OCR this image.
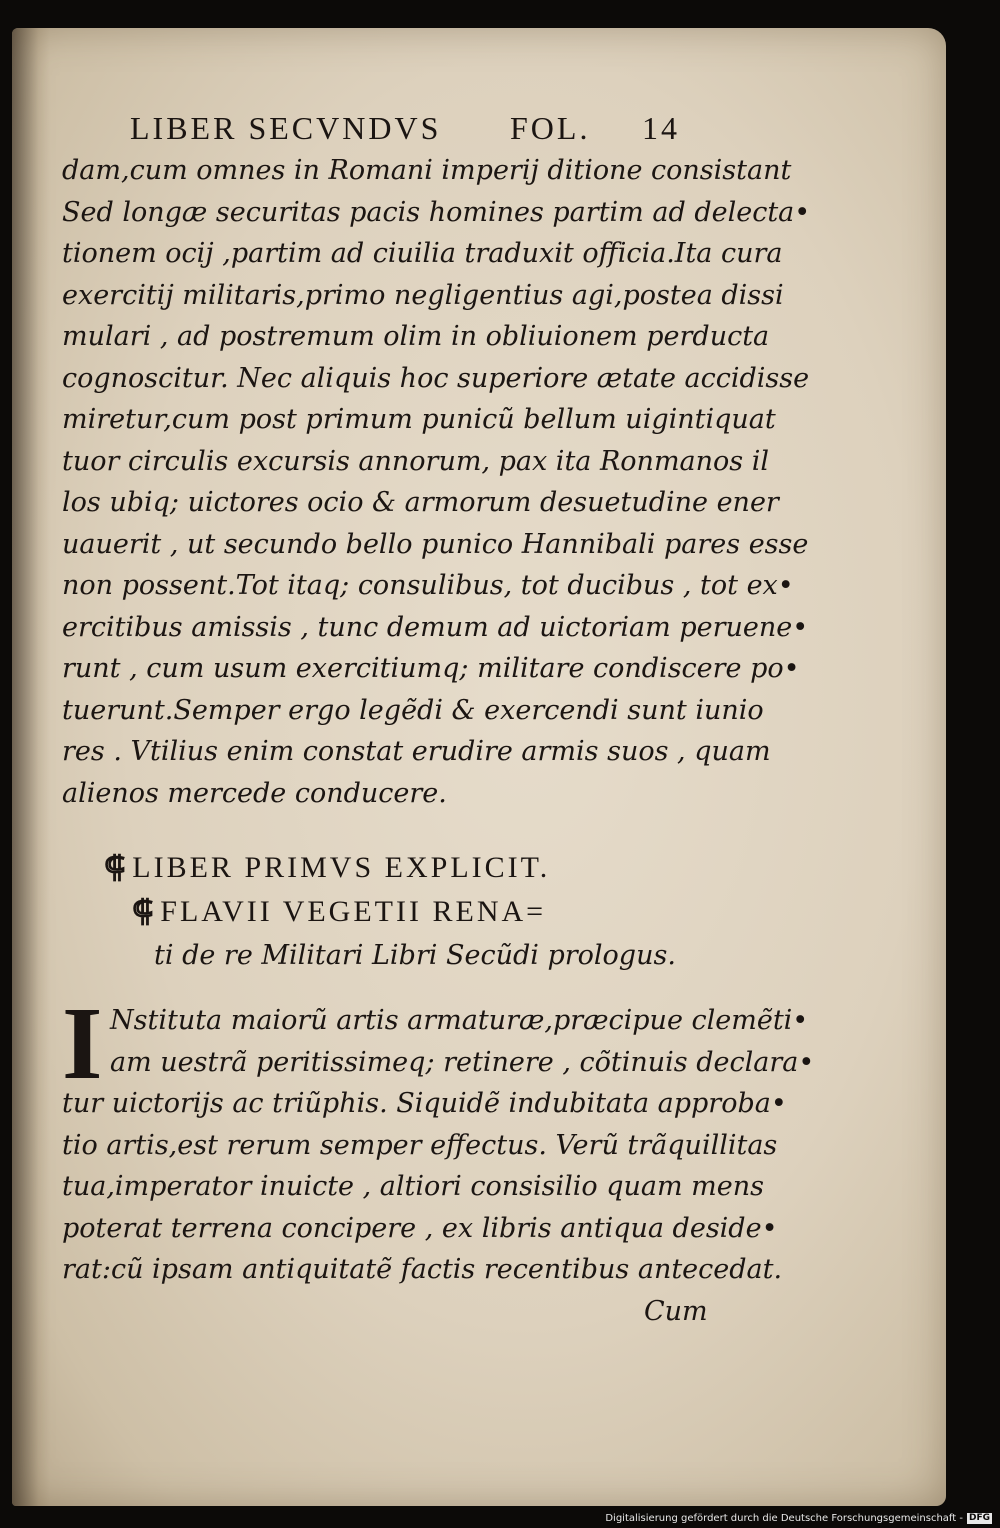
LIBER SECVNDVS	FOL.	14
dam,cum omnes in Romani imperij ditione consistant
Sed longæ securitas pacis homines partim ad delecta•
tionem ocij ,partim ad ciuilia traduxit officia.Ita cura
exercitij militaris,primo negligentius agi,postea dissi
mulari , ad postremum olim in obliuionem perducta
cognoscitur. Nec aliquis hoc superiore ætate accidisse
miretur,cum post primum punicũ bellum uigintiquat
tuor circulis excursis annorum, pax ita Ronmanos il
los ubiq; uictores ocio & armorum desuetudine ener
uauerit , ut secundo bello punico Hannibali pares esse
non possent.Tot itaq; consulibus, tot ducibus , tot ex•
ercitibus amissis , tunc demum ad uictoriam peruene•
runt , cum usum exercitiumq; militare condiscere po•
tuerunt.Semper ergo legẽdi & exercendi sunt iunio
res . Vtilius enim constat erudire armis suos , quam
alienos mercede conducere.
⸿ LIBER PRIMVS EXPLICIT.
⸿ FLAVII VEGETII RENA=
ti de re Militari Libri Secũdi prologus.
I Nstituta maiorũ artis armaturæ,præcipue clemẽti•
am uestrã peritissimeq; retinere , cõtinuis declara•
tur uictorijs ac triũphis. Siquidẽ indubitata approba•
tio artis,est rerum semper effectus. Verũ trãquillitas
tua,imperator inuicte , altiori consisilio quam mens
poterat terrena concipere , ex libris antiqua deside•
rat:cũ ipsam antiquitatẽ factis recentibus antecedat.
Cum
Digitalisierung gefördert durch die Deutsche Forschungsgemeinschaft - DFG
